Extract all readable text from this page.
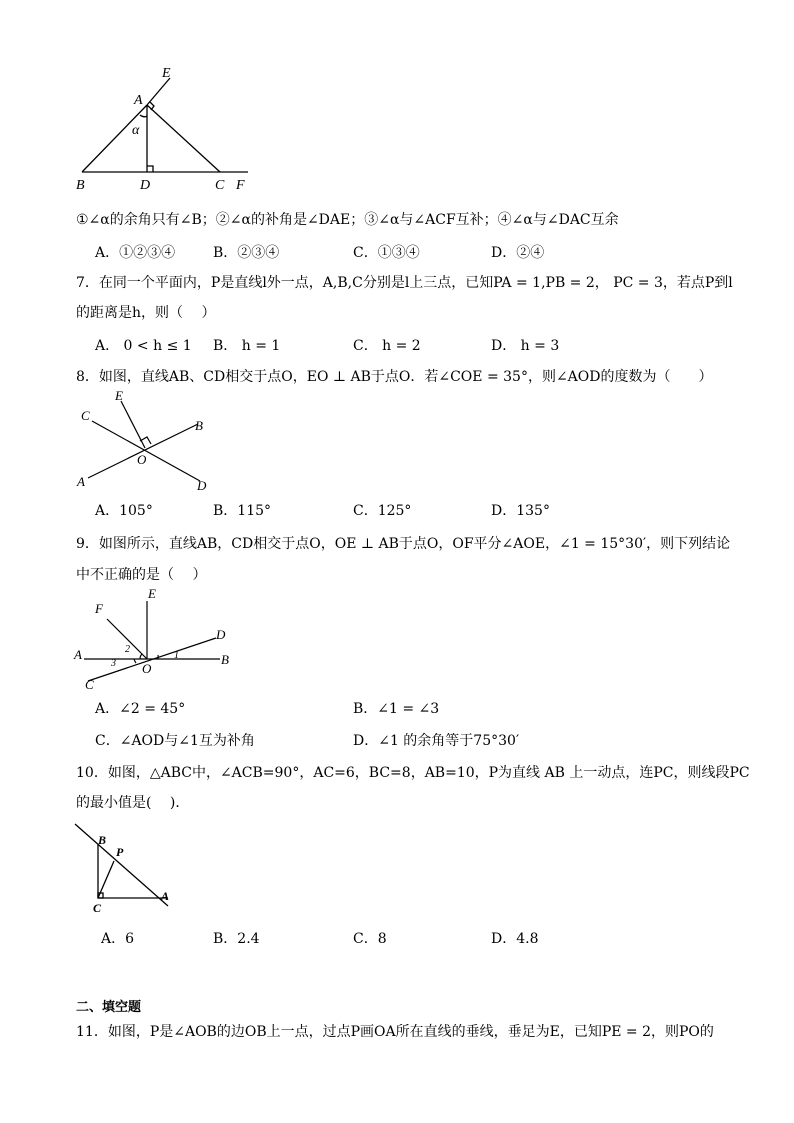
E
A
α
B	D	C F
①∠α的余角只有∠B；②∠α的补角是∠DAE；③∠α与∠ACF互补；④∠α与∠DAC互余
A．①②③④	B．②③④	C．①③④	D．②④
7．在同一个平面内，P是直线l外一点，A,B,C分别是l上三点，已知PA = 1,PB = 2， PC = 3，若点P到l
的距离是h，则（　 ）
A． 0 < h ≤ 1 B． h = 1	C． h = 2	D． h = 3
8．如图，直线AB、CD相交于点O，EO ⊥ AB于点O．若∠COE = 35°，则∠AOD的度数为（　　）
C
E
B
O
A	D
A．105°	B．115°	C．125°	D．135°
9．如图所示，直线AB，CD相交于点O，OE ⊥ AB于点O，OF平分∠AOE，∠1 = 15°30′，则下列结论
中不正确的是（　 ）
F
E
D
A	B
C
O
1
2
3
A．∠2 = 45°	B．∠1 = ∠3
C．∠AOD与∠1互为补角	D．∠1 的余角等于75°30′
10．如图，△ABC中，∠ACB=90°，AC=6，BC=8，AB=10，P为直线 AB 上一动点，连PC，则线段PC
的最小值是(　 )．
B
P
C
A
A．6	B．2.4	C．8	D．4.8
二、填空题
11．如图，P是∠AOB的边OB上一点，过点P画OA所在直线的垂线，垂足为E，已知PE = 2，则PO的
